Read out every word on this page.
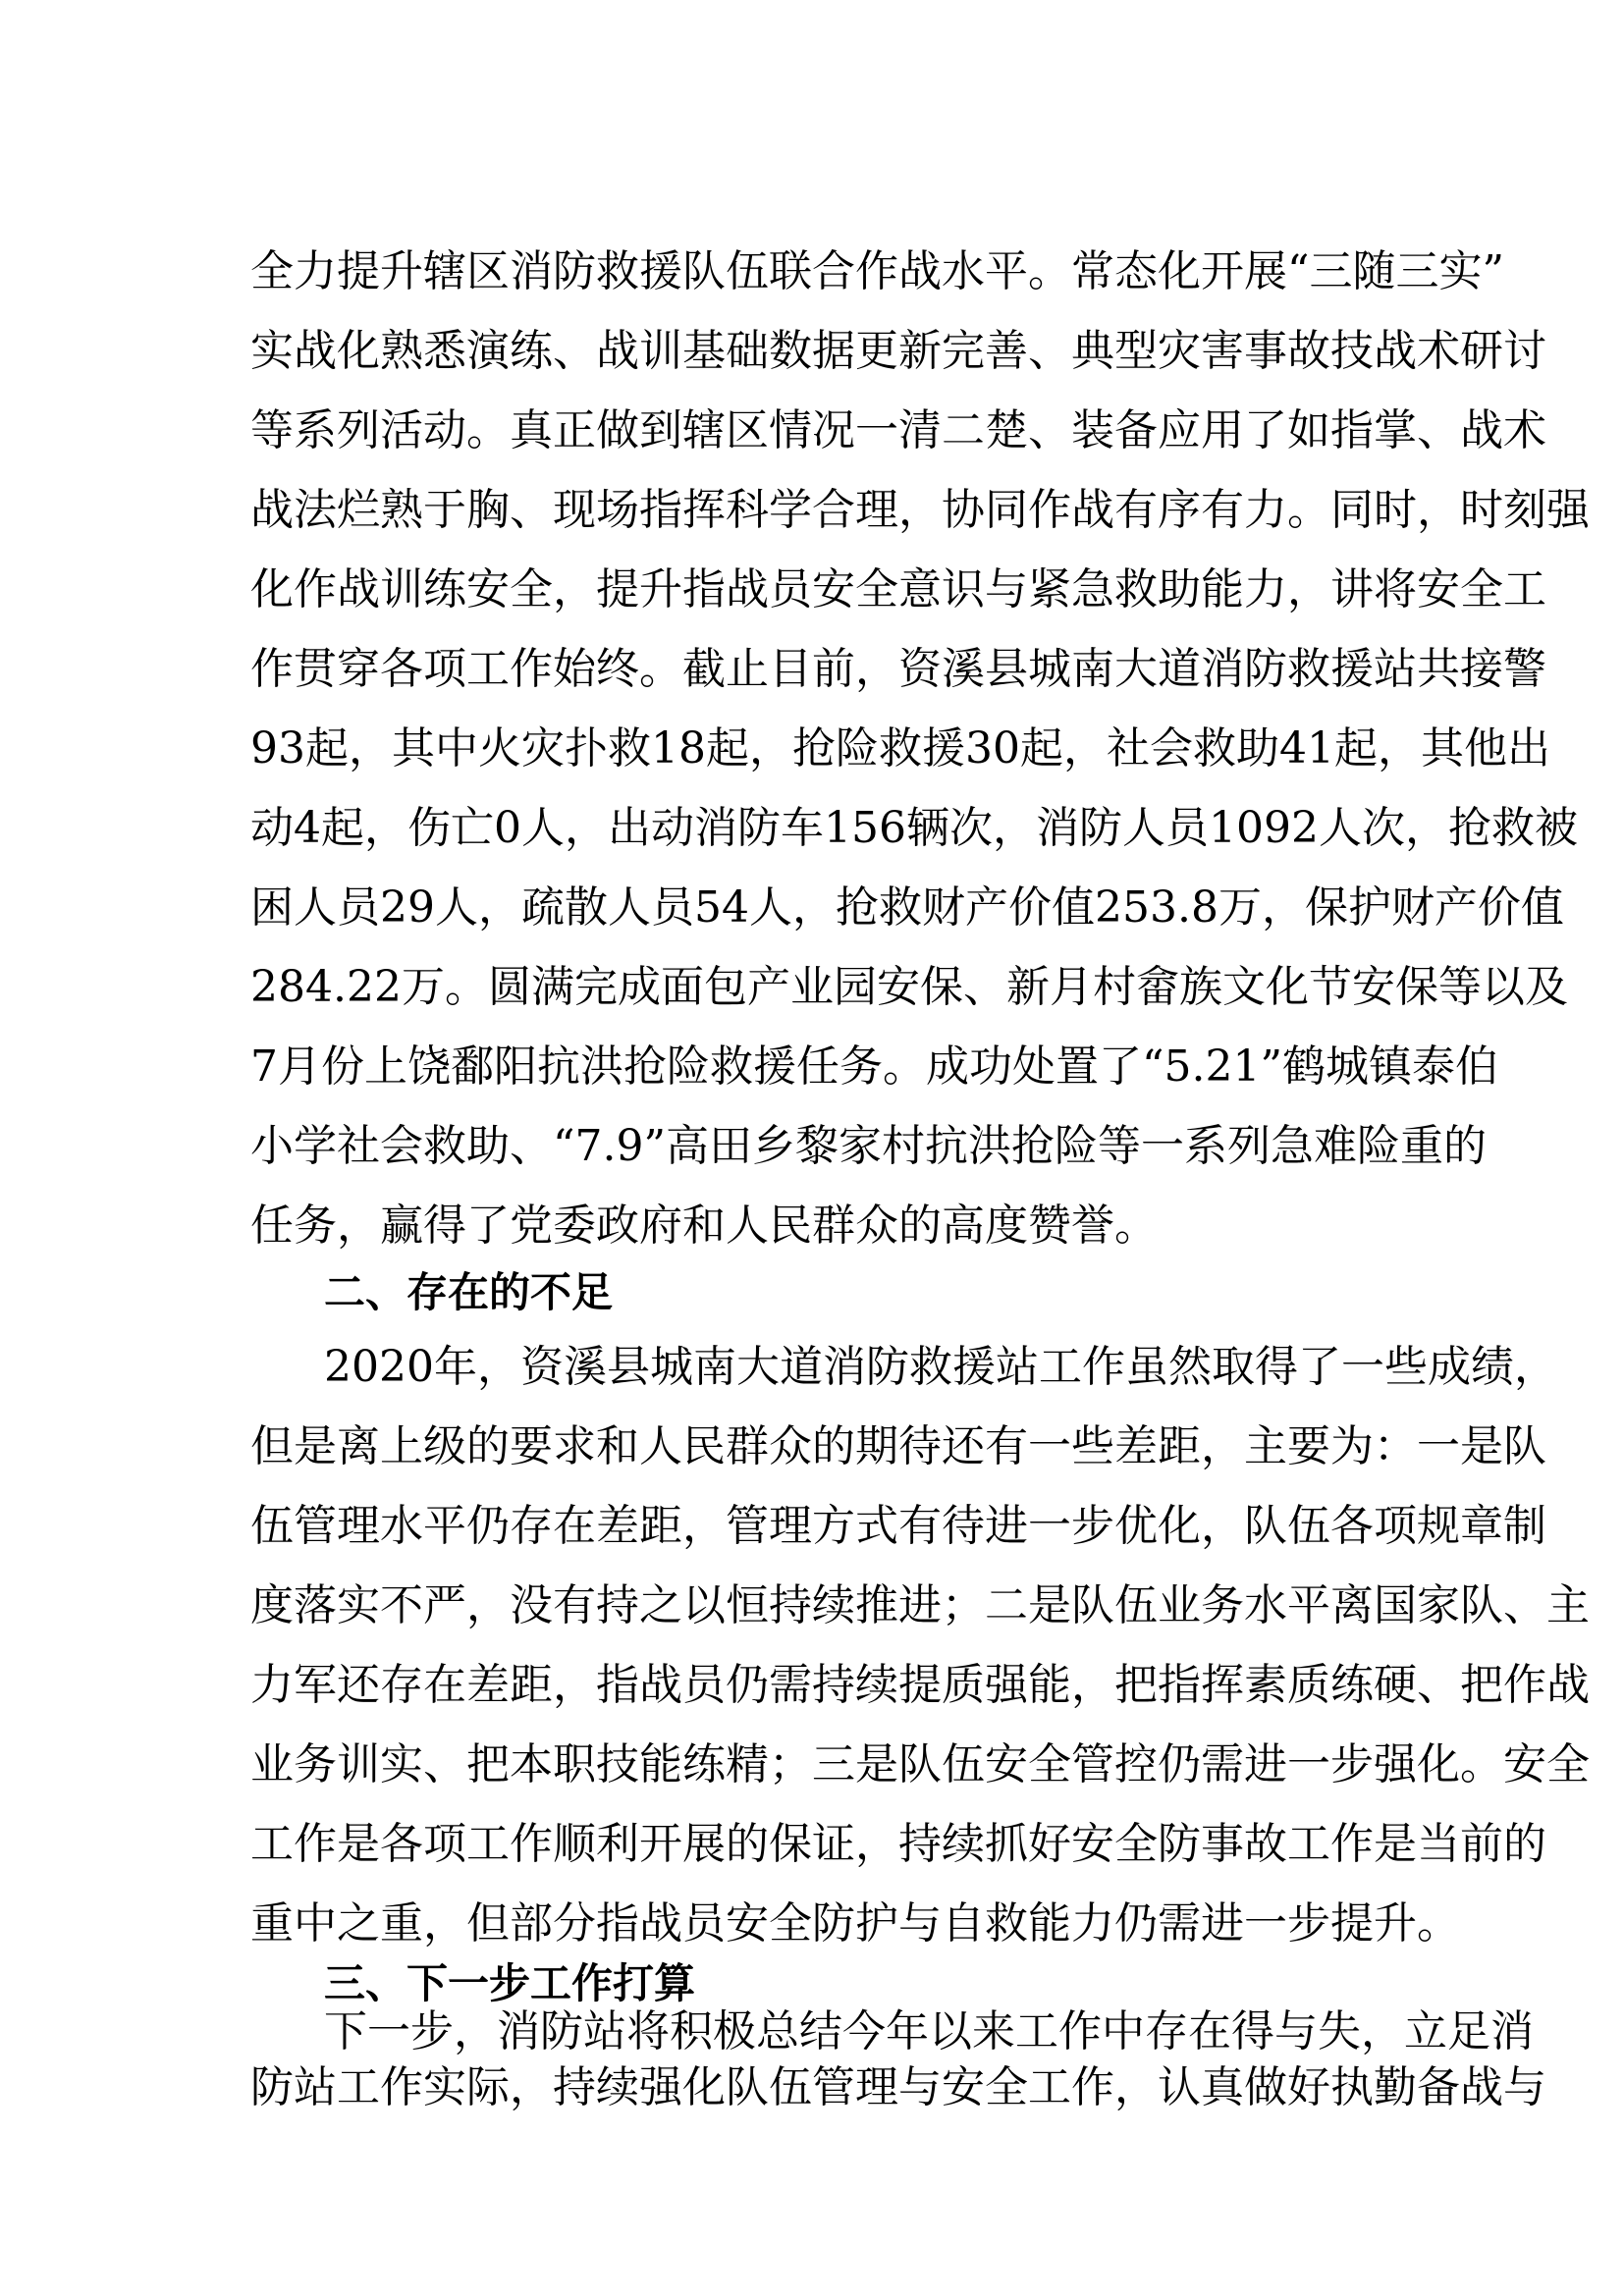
全力提升辖区消防救援队伍联合作战水平。常态化开展“三随三实”
实战化熟悉演练、战训基础数据更新完善、典型灾害事故技战术研讨
等系列活动。真正做到辖区情况一清二楚、装备应用了如指掌、战术
战法烂熟于胸、现场指挥科学合理，协同作战有序有力。同时，时刻强
化作战训练安全，提升指战员安全意识与紧急救助能力，讲将安全工
作贯穿各项工作始终。截止目前，资溪县城南大道消防救援站共接警
93起，其中火灾扑救18起，抢险救援30起，社会救助41起，其他出
动4起，伤亡0人，出动消防车156辆次，消防人员1092人次，抢救被
困人员29人，疏散人员54人，抢救财产价值253.8万，保护财产价值
284.22万。圆满完成面包产业园安保、新月村畲族文化节安保等以及
7月份上饶鄱阳抗洪抢险救援任务。成功处置了“5.21”鹤城镇泰伯
小学社会救助、“7.9”高田乡黎家村抗洪抢险等一系列急难险重的
任务，赢得了党委政府和人民群众的高度赞誉。
二、存在的不足
2020年，资溪县城南大道消防救援站工作虽然取得了一些成绩，
但是离上级的要求和人民群众的期待还有一些差距，主要为：一是队
伍管理水平仍存在差距，管理方式有待进一步优化，队伍各项规章制
度落实不严，没有持之以恒持续推进；二是队伍业务水平离国家队、主
力军还存在差距，指战员仍需持续提质强能，把指挥素质练硬、把作战
业务训实、把本职技能练精；三是队伍安全管控仍需进一步强化。安全
工作是各项工作顺利开展的保证，持续抓好安全防事故工作是当前的
重中之重，但部分指战员安全防护与自救能力仍需进一步提升。
三、下一步工作打算
下一步，消防站将积极总结今年以来工作中存在得与失，立足消
防站工作实际，持续强化队伍管理与安全工作，认真做好执勤备战与
